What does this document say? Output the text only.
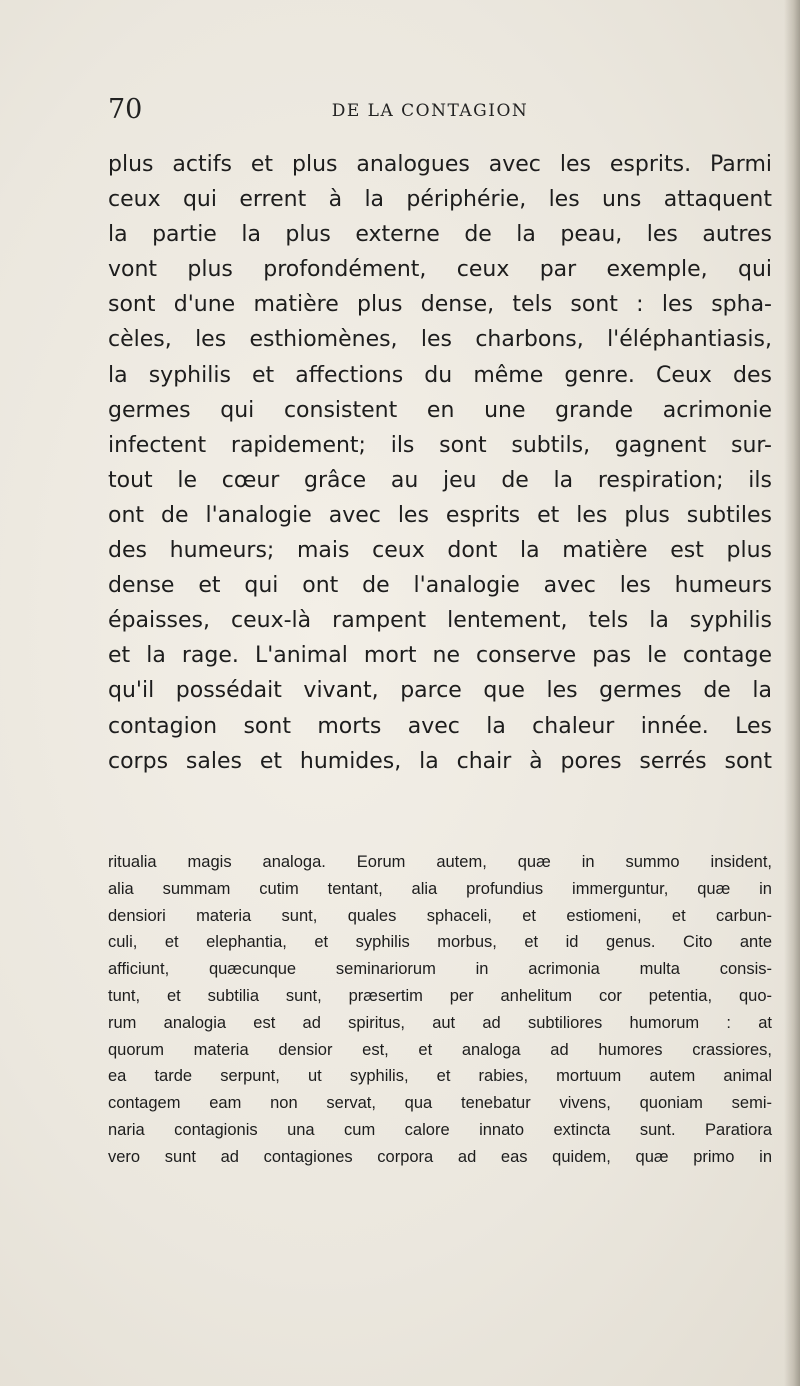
70	DE LA CONTAGION
plus actifs et plus analogues avec les esprits. Parmi
ceux qui errent à la périphérie, les uns attaquent
la partie la plus externe de la peau, les autres
vont plus profondément, ceux par exemple, qui
sont d'une matière plus dense, tels sont : les spha-
cèles, les esthiomènes, les charbons, l'éléphantiasis,
la syphilis et affections du même genre. Ceux des
germes qui consistent en une grande acrimonie
infectent rapidement; ils sont subtils, gagnent sur-
tout le cœur grâce au jeu de la respiration; ils
ont de l'analogie avec les esprits et les plus subtiles
des humeurs; mais ceux dont la matière est plus
dense et qui ont de l'analogie avec les humeurs
épaisses, ceux-là rampent lentement, tels la syphilis
et la rage. L'animal mort ne conserve pas le contage
qu'il possédait vivant, parce que les germes de la
contagion sont morts avec la chaleur innée. Les
corps sales et humides, la chair à pores serrés sont
ritualia magis analoga. Eorum autem, quæ in summo insident,
alia summam cutim tentant, alia profundius immerguntur, quæ in
densiori materia sunt, quales sphaceli, et estiomeni, et carbun-
culi, et elephantia, et syphilis morbus, et id genus. Cito ante
afficiunt, quæcunque seminariorum in acrimonia multa consis-
tunt, et subtilia sunt, præsertim per anhelitum cor petentia, quo-
rum analogia est ad spiritus, aut ad subtiliores humorum : at
quorum materia densior est, et analoga ad humores crassiores,
ea tarde serpunt, ut syphilis, et rabies, mortuum autem animal
contagem eam non servat, qua tenebatur vivens, quoniam semi-
naria contagionis una cum calore innato extincta sunt. Paratiora
vero sunt ad contagiones corpora ad eas quidem, quæ primo in
